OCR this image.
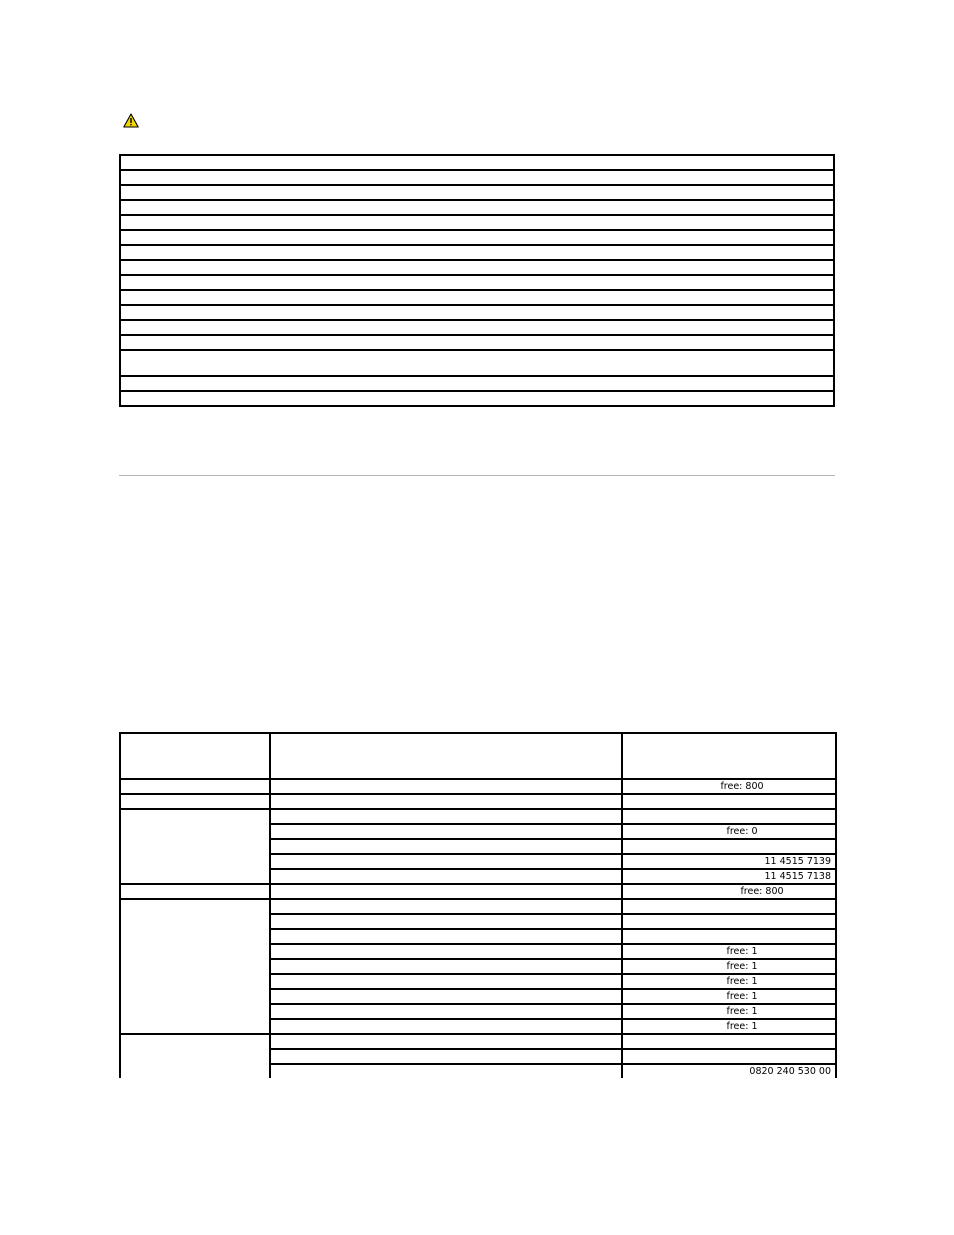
		free: 800

		free: 0

		11 4515 7139
		11 4515 7138
		free: 800

		free: 1
		free: 1
		free: 1
		free: 1
		free: 1
		free: 1

		0820 240 530 00
